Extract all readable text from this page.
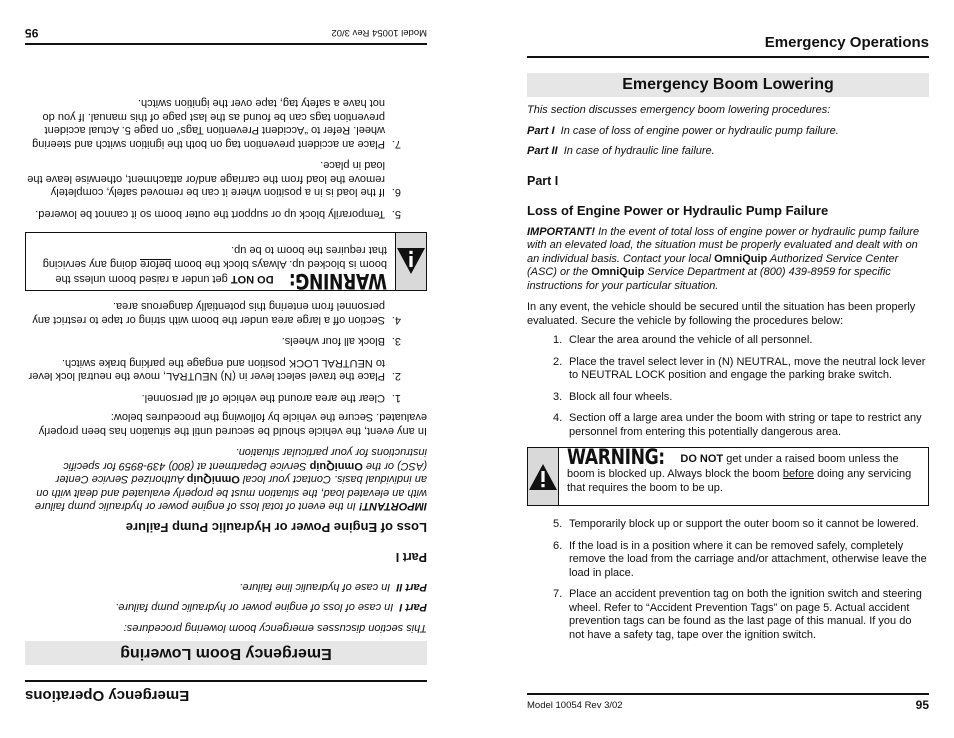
Emergency Operations
Emergency Boom Lowering

This section discusses emergency boom lowering procedures:

Part I  In case of loss of engine power or hydraulic pump failure.

Part II  In case of hydraulic line failure.

Part I
Loss of Engine Power or Hydraulic Pump Failure

IMPORTANT! In the event of total loss of engine power or hydraulic pump failure with an elevated load, the situation must be properly evaluated and dealt with on an individual basis. Contact your local OmniQuip Authorized Service Center (ASC) or the OmniQuip Service Department at (800) 439-8959 for specific instructions for your particular situation.

In any event, the vehicle should be secured until the situation has been properly evaluated. Secure the vehicle by following the procedures below:

1.
Clear the area around the vehicle of all personnel.
2.
Place the travel select lever in (N) NEUTRAL, move the neutral lock lever to NEUTRAL LOCK position and engage the parking brake switch.
3.
Block all four wheels.
4.
Section off a large area under the boom with string or tape to restrict any personnel from entering this potentially dangerous area.
WARNING:  DO NOT get under a raised boom unless the boom is blocked up. Always block the boom before doing any servicing that requires the boom to be up.
5.
Temporarily block up or support the outer boom so it cannot be lowered.
6.
If the load is in a position where it can be removed safely, completely remove the load from the carriage and/or attachment, otherwise leave the load in place.
7.
Place an accident prevention tag on both the ignition switch and steering wheel. Refer to “Accident Prevention Tags” on page 5. Actual accident prevention tags can be found as the last page of this manual. If you do not have a safety tag, tape over the ignition switch.
Model 10054 Rev 3/02
95
Emergency Operations
Emergency Boom Lowering

This section discusses emergency boom lowering procedures:

Part I In case of loss of engine power or hydraulic pump failure.

Part II In case of hydraulic line failure.

Part I
Loss of Engine Power or Hydraulic Pump Failure

IMPORTANT! In the event of total loss of engine power or hydraulic pump failure with an elevated load, the situation must be properly evaluated and dealt with on an individual basis. Contact your local OmniQuip Authorized Service Center (ASC) or the OmniQuip Service Department at (800) 439-8959 for specific instructions for your particular situation.

In any event, the vehicle should be secured until the situation has been properly evaluated. Secure the vehicle by following the procedures below:

1. Clear the area around the vehicle of all personnel.
2. Place the travel select lever in (N) NEUTRAL, move the neutral lock lever to NEUTRAL LOCK position and engage the parking brake switch.
3. Block all four wheels.
4. Section off a large area under the boom with string or tape to restrict any personnel from entering this potentially dangerous area.
WARNING: DO NOT get under a raised boom unless the boom is blocked up. Always block the boom before doing any servicing that requires the boom to be up.
5. Temporarily block up or support the outer boom so it cannot be lowered.
6. If the load is in a position where it can be removed safely, completely remove the load from the carriage and/or attachment, otherwise leave the load in place.
7. Place an accident prevention tag on both the ignition switch and steering wheel. Refer to “Accident Prevention Tags” on page 5. Actual accident prevention tags can be found as the last page of this manual. If you do not have a safety tag, tape over the ignition switch.
Model 10054 Rev 3/02	95
